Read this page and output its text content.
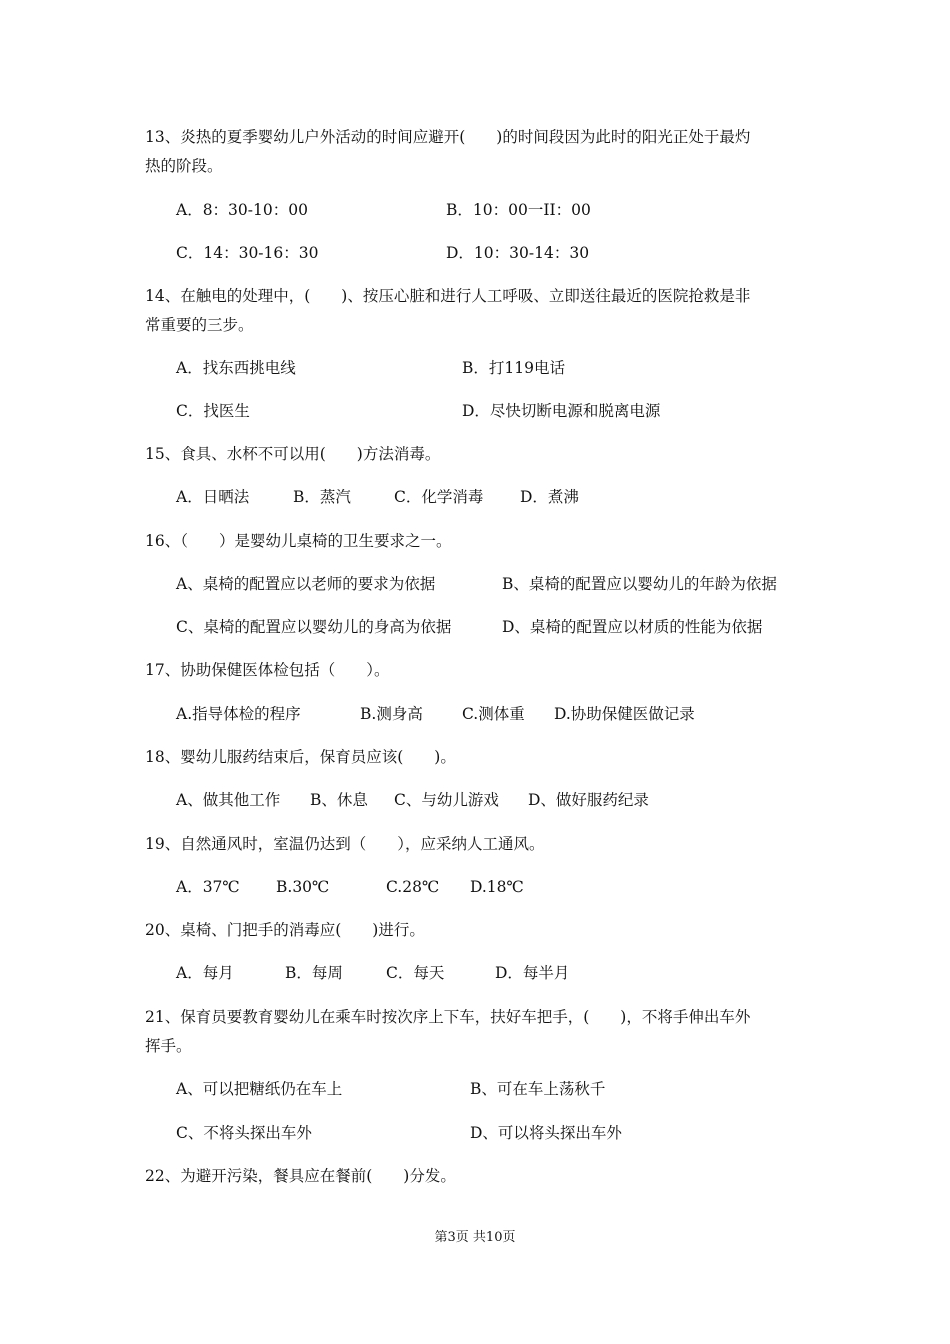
13、炎热的夏季婴幼儿户外活动的时间应避开(　　)的时间段因为此时的阳光正处于最灼
热的阶段。
A．8：30-10：00	B．10：00一II：00
C．14：30-16：30	D．10：30-14：30
14、在触电的处理中，(　　)、按压心脏和进行人工呼吸、立即送往最近的医院抢救是非
常重要的三步。
A．找东西挑电线	B．打119电话
C．找医生	D．尽快切断电源和脱离电源
15、食具、水杯不可以用(　　)方法消毒。
A．日晒法	B．蒸汽	C．化学消毒 D．煮沸
16、（　　）是婴幼儿桌椅的卫生要求之一。
A、桌椅的配置应以老师的要求为依据	B、桌椅的配置应以婴幼儿的年龄为依据
C、桌椅的配置应以婴幼儿的身高为依据	D、桌椅的配置应以材质的性能为依据
17、协助保健医体检包括（　　）。
A.指导体检的程序	B.测身高	C.测体重 D.协助保健医做记录
18、婴幼儿服药结束后，保育员应该(　　)。
A、做其他工作 B、休息 C、与幼儿游戏 D、做好服药纪录
19、自然通风时，室温仍达到（　　），应采纳人工通风。
A．37℃ B.30℃	C.28℃ D.18℃
20、桌椅、门把手的消毒应(　　)进行。
A．每月	B．每周	C．每天	D．每半月
21、保育员要教育婴幼儿在乘车时按次序上下车，扶好车把手，(　　)，不将手伸出车外
挥手。
A、可以把糖纸仍在车上	B、可在车上荡秋千
C、不将头探出车外	D、可以将头探出车外
22、为避开污染，餐具应在餐前(　　)分发。
第3页 共10页
